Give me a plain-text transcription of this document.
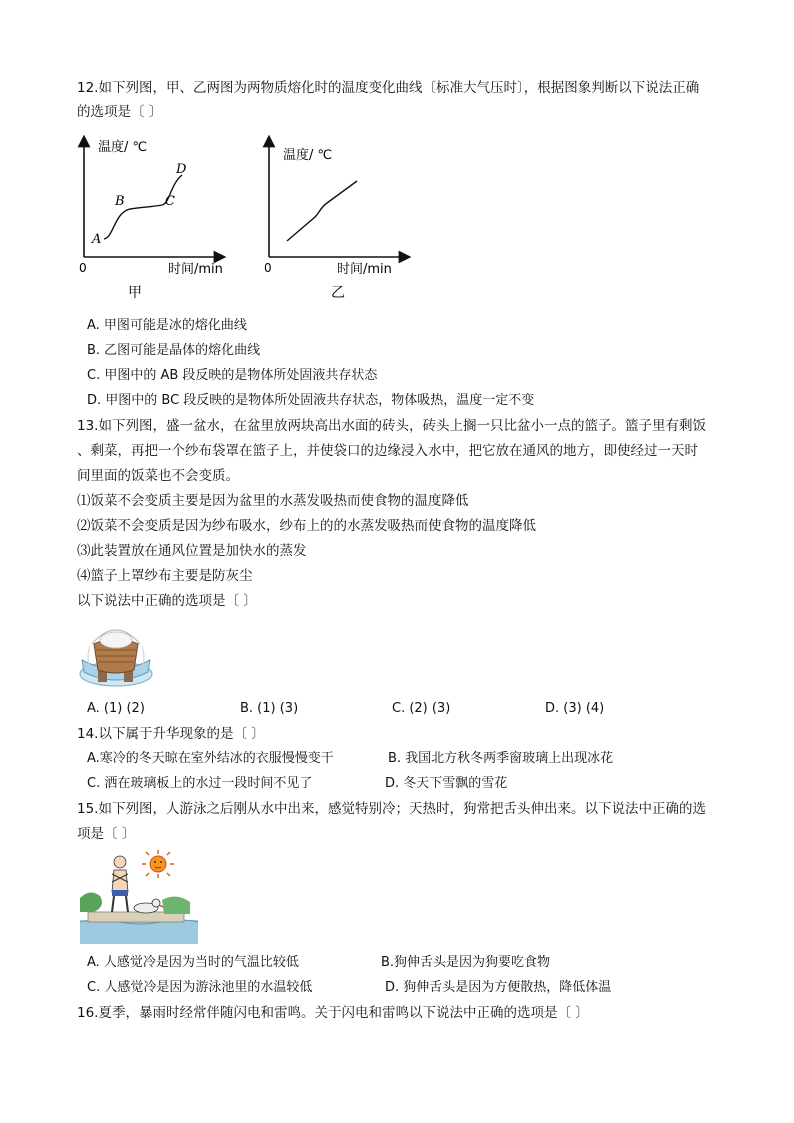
12.如下列图，甲、乙两图为两物质熔化时的温度变化曲线〔标准大气压时〕，根据图象判断以下说法正确
的选项是〔 〕
温度/ ℃
时间/min
0
A
B	C
D
甲
温度/ ℃
时间/min
0
乙
A. 甲图可能是冰的熔化曲线
B. 乙图可能是晶体的熔化曲线
C. 甲图中的 AB 段反映的是物体所处固液共存状态
D. 甲图中的 BC 段反映的是物体所处固液共存状态，物体吸热，温度一定不变
13.如下列图，盛一盆水，在盆里放两块高出水面的砖头，砖头上搁一只比盆小一点的篮子。篮子里有剩饭
、剩菜，再把一个纱布袋罩在篮子上，并使袋口的边缘浸入水中，把它放在通风的地方，即使经过一天时
间里面的饭菜也不会变质。
⑴饭菜不会变质主要是因为盆里的水蒸发吸热而使食物的温度降低
⑵饭菜不会变质是因为纱布吸水，纱布上的的水蒸发吸热而使食物的温度降低
⑶此装置放在通风位置是加快水的蒸发
⑷篮子上罩纱布主要是防灰尘
以下说法中正确的选项是〔 〕
A. (1) (2)	B. (1) (3)	C. (2) (3)	D. (3) (4)
14.以下属于升华现象的是〔 〕
A.寒冷的冬天晾在室外结冰的衣服慢慢变干	B. 我国北方秋冬两季窗玻璃上出现冰花
C. 洒在玻璃板上的水过一段时间不见了	D. 冬天下雪飘的雪花
15.如下列图，人游泳之后刚从水中出来，感觉特别冷；天热时，狗常把舌头伸出来。以下说法中正确的选
项是〔 〕
A. 人感觉冷是因为当时的气温比较低	B.狗伸舌头是因为狗要吃食物
C. 人感觉冷是因为游泳池里的水温较低	D. 狗伸舌头是因为方便散热，降低体温
16.夏季，暴雨时经常伴随闪电和雷鸣。关于闪电和雷鸣以下说法中正确的选项是〔 〕
